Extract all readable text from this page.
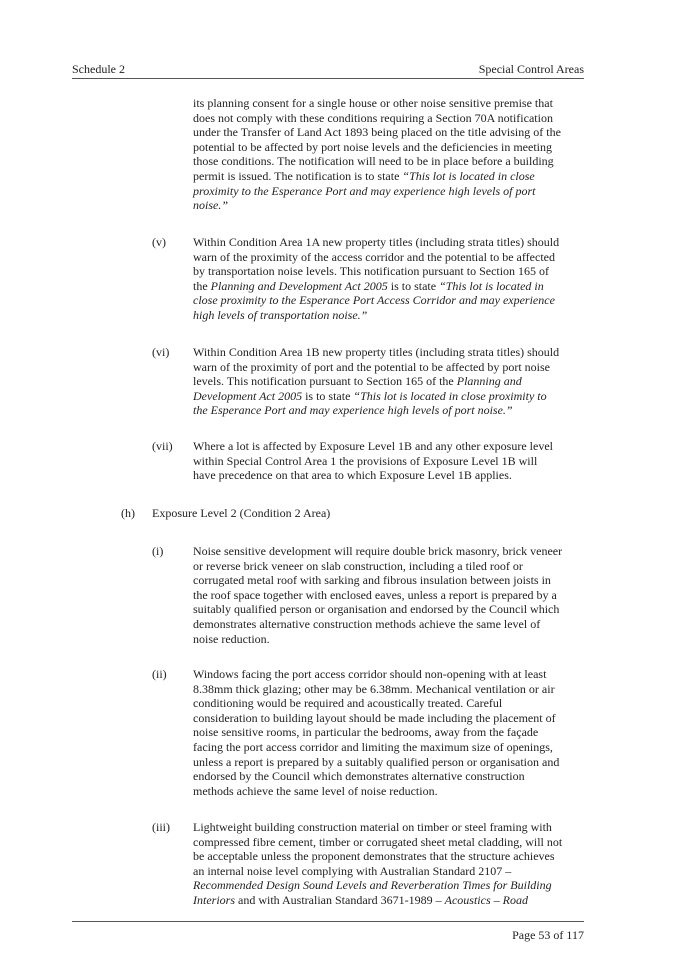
Schedule 2	Special Control Areas
its planning consent for a single house or other noise sensitive premise that
does not comply with these conditions requiring a Section 70A notification
under the Transfer of Land Act 1893 being placed on the title advising of the
potential to be affected by port noise levels and the deficiencies in meeting
those conditions. The notification will need to be in place before a building
permit is issued. The notification is to state “This lot is located in close
proximity to the Esperance Port and may experience high levels of port
noise.”
(v) Within Condition Area 1A new property titles (including strata titles) should
warn of the proximity of the access corridor and the potential to be affected
by transportation noise levels. This notification pursuant to Section 165 of
the Planning and Development Act 2005 is to state “This lot is located in
close proximity to the Esperance Port Access Corridor and may experience
high levels of transportation noise.”
(vi) Within Condition Area 1B new property titles (including strata titles) should
warn of the proximity of port and the potential to be affected by port noise
levels. This notification pursuant to Section 165 of the Planning and
Development Act 2005 is to state “This lot is located in close proximity to
the Esperance Port and may experience high levels of port noise.”
(vii) Where a lot is affected by Exposure Level 1B and any other exposure level
within Special Control Area 1 the provisions of Exposure Level 1B will
have precedence on that area to which Exposure Level 1B applies.
(h) Exposure Level 2 (Condition 2 Area)
(i) Noise sensitive development will require double brick masonry, brick veneer
or reverse brick veneer on slab construction, including a tiled roof or
corrugated metal roof with sarking and fibrous insulation between joists in
the roof space together with enclosed eaves, unless a report is prepared by a
suitably qualified person or organisation and endorsed by the Council which
demonstrates alternative construction methods achieve the same level of
noise reduction.
(ii) Windows facing the port access corridor should non-opening with at least
8.38mm thick glazing; other may be 6.38mm. Mechanical ventilation or air
conditioning would be required and acoustically treated. Careful
consideration to building layout should be made including the placement of
noise sensitive rooms, in particular the bedrooms, away from the façade
facing the port access corridor and limiting the maximum size of openings,
unless a report is prepared by a suitably qualified person or organisation and
endorsed by the Council which demonstrates alternative construction
methods achieve the same level of noise reduction.
(iii) Lightweight building construction material on timber or steel framing with
compressed fibre cement, timber or corrugated sheet metal cladding, will not
be acceptable unless the proponent demonstrates that the structure achieves
an internal noise level complying with Australian Standard 2107 –
Recommended Design Sound Levels and Reverberation Times for Building
Interiors and with Australian Standard 3671-1989 – Acoustics – Road
Page 53 of 117
